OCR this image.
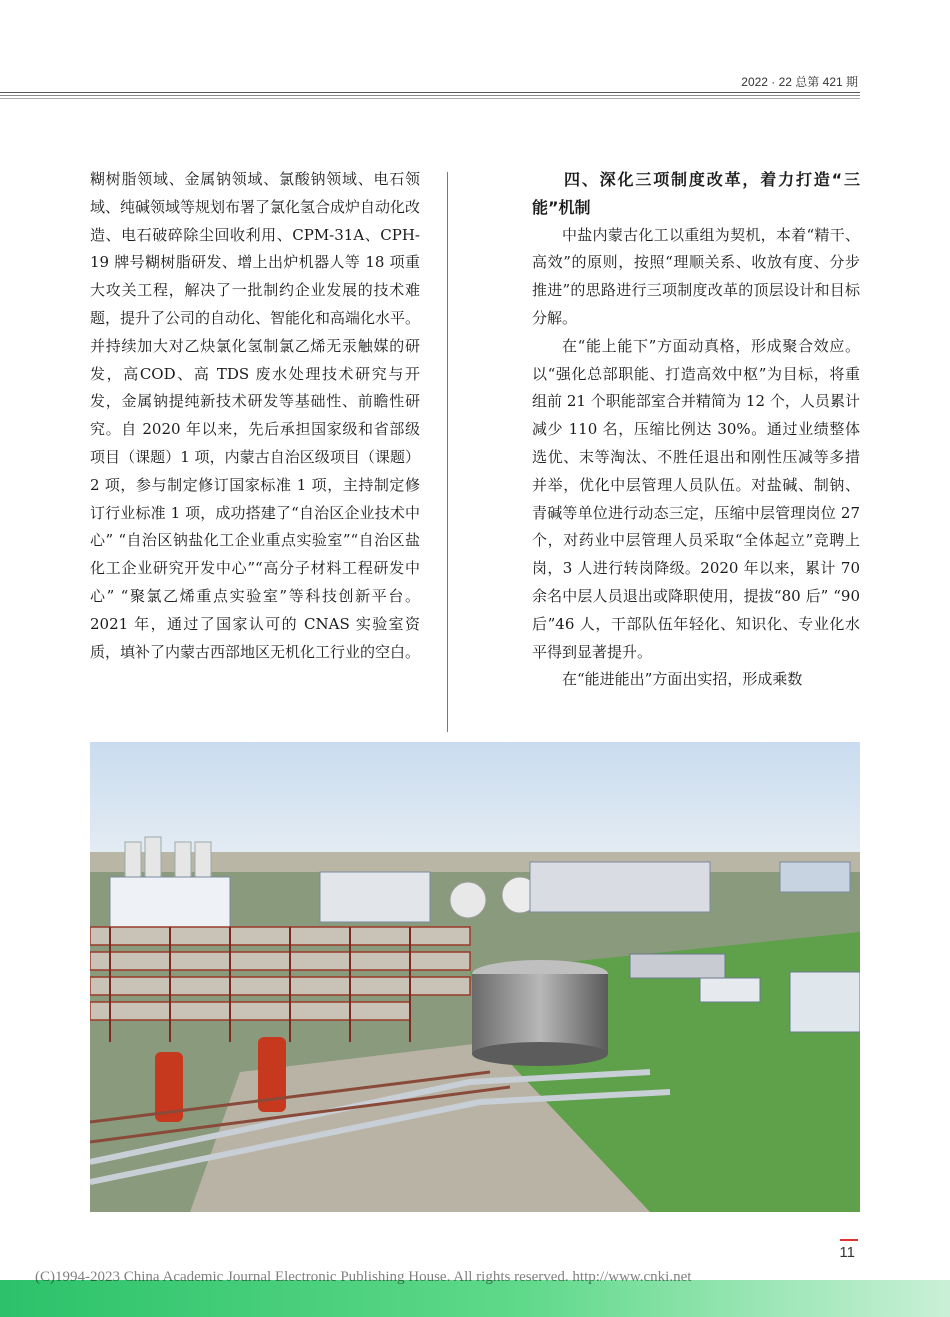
2022 · 22 总第 421 期

糊树脂领域、金属钠领域、氯酸钠领域、电石领域、纯碱领域等规划布署了氯化氢合成炉自动化改造、电石破碎除尘回收利用、CPM-31A、CPH-19 牌号糊树脂研发、增上出炉机器人等 18 项重大攻关工程，解决了一批制约企业发展的技术难题，提升了公司的自动化、智能化和高端化水平。并持续加大对乙炔氯化氢制氯乙烯无汞触媒的研发，高COD、高 TDS 废水处理技术研究与开发，金属钠提纯新技术研发等基础性、前瞻性研究。自 2020 年以来，先后承担国家级和省部级项目（课题）1 项，内蒙古自治区级项目（课题）2 项，参与制定修订国家标准 1 项，主持制定修订行业标准 1 项，成功搭建了“自治区企业技术中心” “自治区钠盐化工企业重点实验室”“自治区盐化工企业研究开发中心”“高分子材料工程研发中心” “聚氯乙烯重点实验室”等科技创新平台。2021 年，通过了国家认可的 CNAS 实验室资质，填补了内蒙古西部地区无机化工行业的空白。

四、深化三项制度改革，着力打造“三能”机制

中盐内蒙古化工以重组为契机，本着“精干、高效”的原则，按照“理顺关系、收放有度、分步推进”的思路进行三项制度改革的顶层设计和目标分解。

在“能上能下”方面动真格，形成聚合效应。以“强化总部职能、打造高效中枢”为目标，将重组前 21 个职能部室合并精简为 12 个，人员累计减少 110 名，压缩比例达 30%。通过业绩整体选优、末等淘汰、不胜任退出和刚性压减等多措并举，优化中层管理人员队伍。对盐碱、制钠、青碱等单位进行动态三定，压缩中层管理岗位 27 个，对药业中层管理人员采取“全体起立”竞聘上岗，3 人进行转岗降级。2020 年以来，累计 70 余名中层人员退出或降职使用，提拔“80 后” “90 后”46 人，干部队伍年轻化、知识化、专业化水平得到显著提升。

在“能进能出”方面出实招，形成乘数

11
(C)1994-2023 China Academic Journal Electronic Publishing House. All rights reserved. http://www.cnki.net
